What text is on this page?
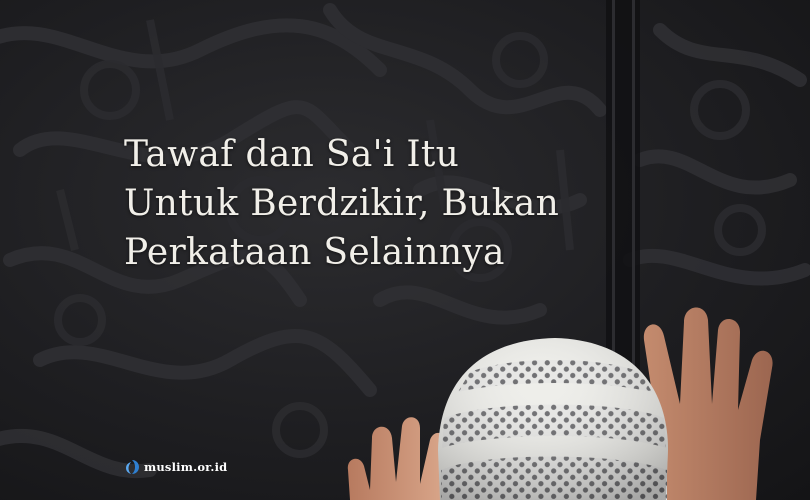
Tawaf dan Sa'i Itu
Untuk Berdzikir, Bukan
Perkataan Selainnya
muslim.or.id
